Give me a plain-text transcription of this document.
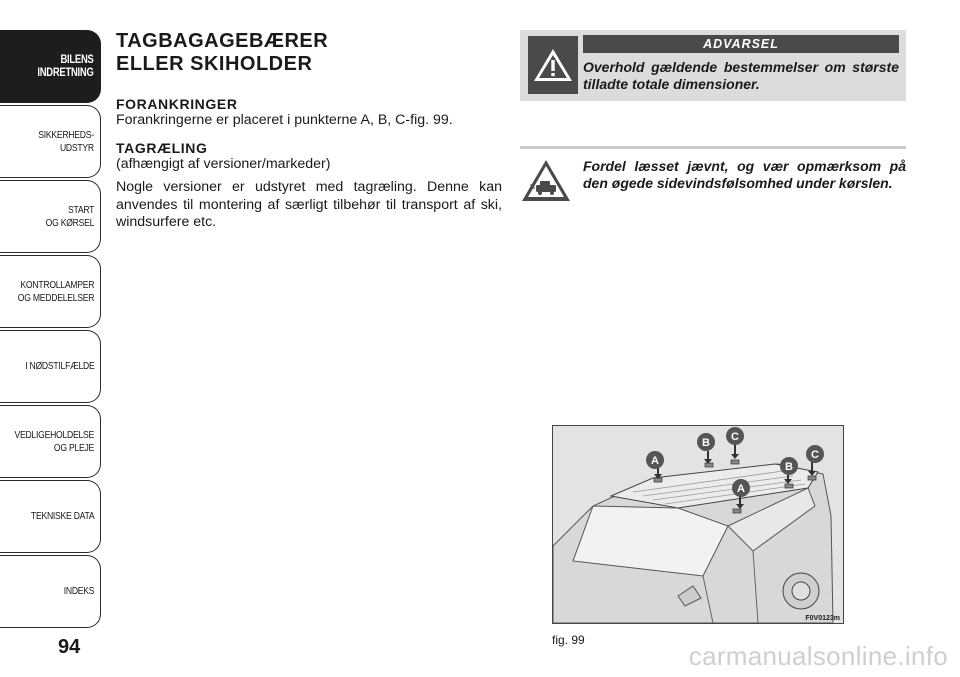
BILENS
INDRETNING
SIKKERHEDS-
UDSTYR
START
OG KØRSEL
KONTROLLAMPER
OG MEDDELELSER
I NØDSTILFÆLDE
VEDLIGEHOLDELSE
OG PLEJE
TEKNISKE DATA
INDEKS
94
TAGBAGAGEBÆRER
ELLER SKIHOLDER
FORANKRINGER

Forankringerne er placeret i punkterne A, B, C-fig. 99.

TAGRÆLING

(afhængigt af versioner/markeder)

Nogle versioner er udstyret med tagræling. Denne kan anvendes til montering af særligt tilbehør til transport af ski, windsurfere etc.

ADVARSEL
Overhold gældende bestemmelser om største tilladte totale dimensioner.
Fordel læsset jævnt, og vær opmærksom på den øgede sidevindsfølsomhed under kørslen.
A
B C
A
B
C
F0V0123m
fig. 99
carmanualsonline.info
